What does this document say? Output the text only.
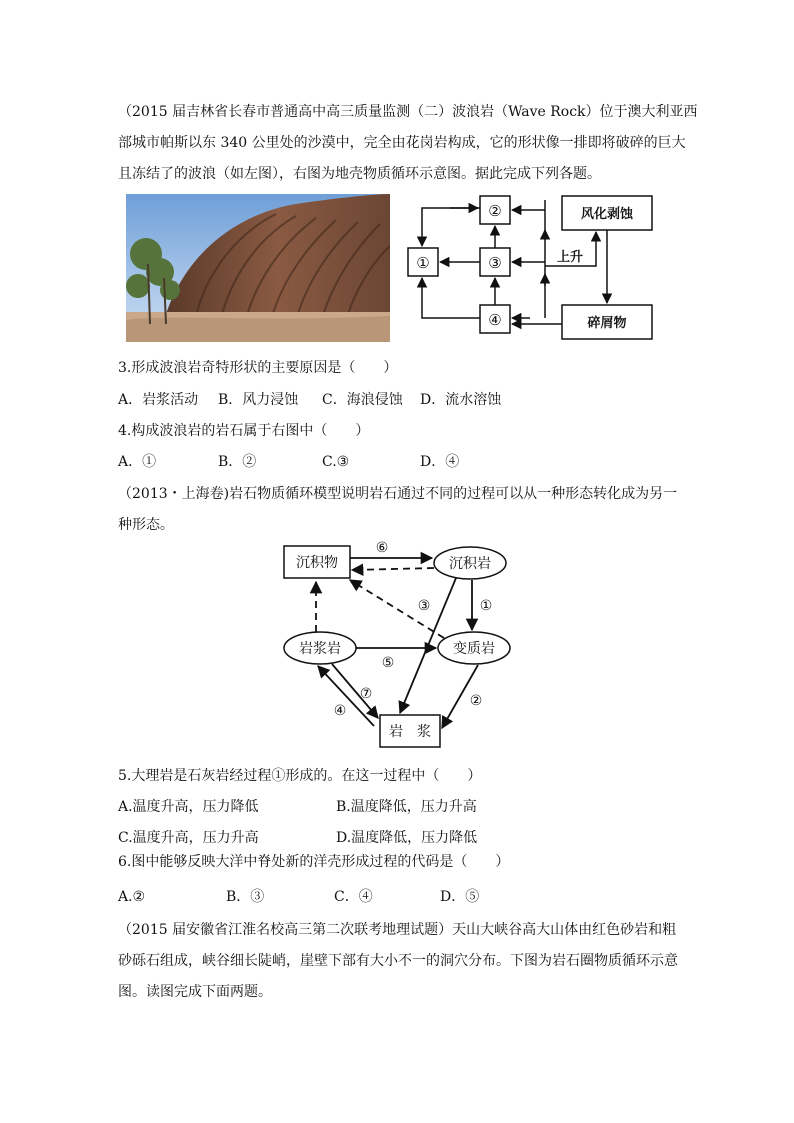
（2015 届吉林省长春市普通高中高三质量监测（二）波浪岩（Wave Rock）位于澳大利亚西
部城市帕斯以东 340 公里处的沙漠中，完全由花岗岩构成，它的形状像一排即将破碎的巨大
且冻结了的波浪（如左图），右图为地壳物质循环示意图。据此完成下列各题。
②
①	③
④
风化剥蚀
碎屑物
上升
3.形成波浪岩奇特形状的主要原因是（　　）
A．岩浆活动 B．风力浸蚀 C．海浪侵蚀 D．流水溶蚀
4.构成波浪岩的岩石属于右图中（　　）
A．①	B．②	C.③	D．④
（2013・上海卷)岩石物质循环模型说明岩石通过不同的过程可以从一种形态转化成为另一
种形态。
沉积物	沉积岩
岩浆岩	变质岩
岩　浆
⑥
①
③
⑤
②
⑦
④
5.大理岩是石灰岩经过程①形成的。在这一过程中（　　）
A.温度升高，压力降低	B.温度降低，压力升高
C.温度升高，压力升高	D.温度降低，压力降低
6.图中能够反映大洋中脊处新的洋壳形成过程的代码是（　　）
A.②	B．③	C．④	D．⑤
（2015 届安徽省江淮名校高三第二次联考地理试题）天山大峡谷高大山体由红色砂岩和粗
砂砾石组成，峡谷细长陡峭，崖壁下部有大小不一的洞穴分布。下图为岩石圈物质循环示意
图。读图完成下面两题。
